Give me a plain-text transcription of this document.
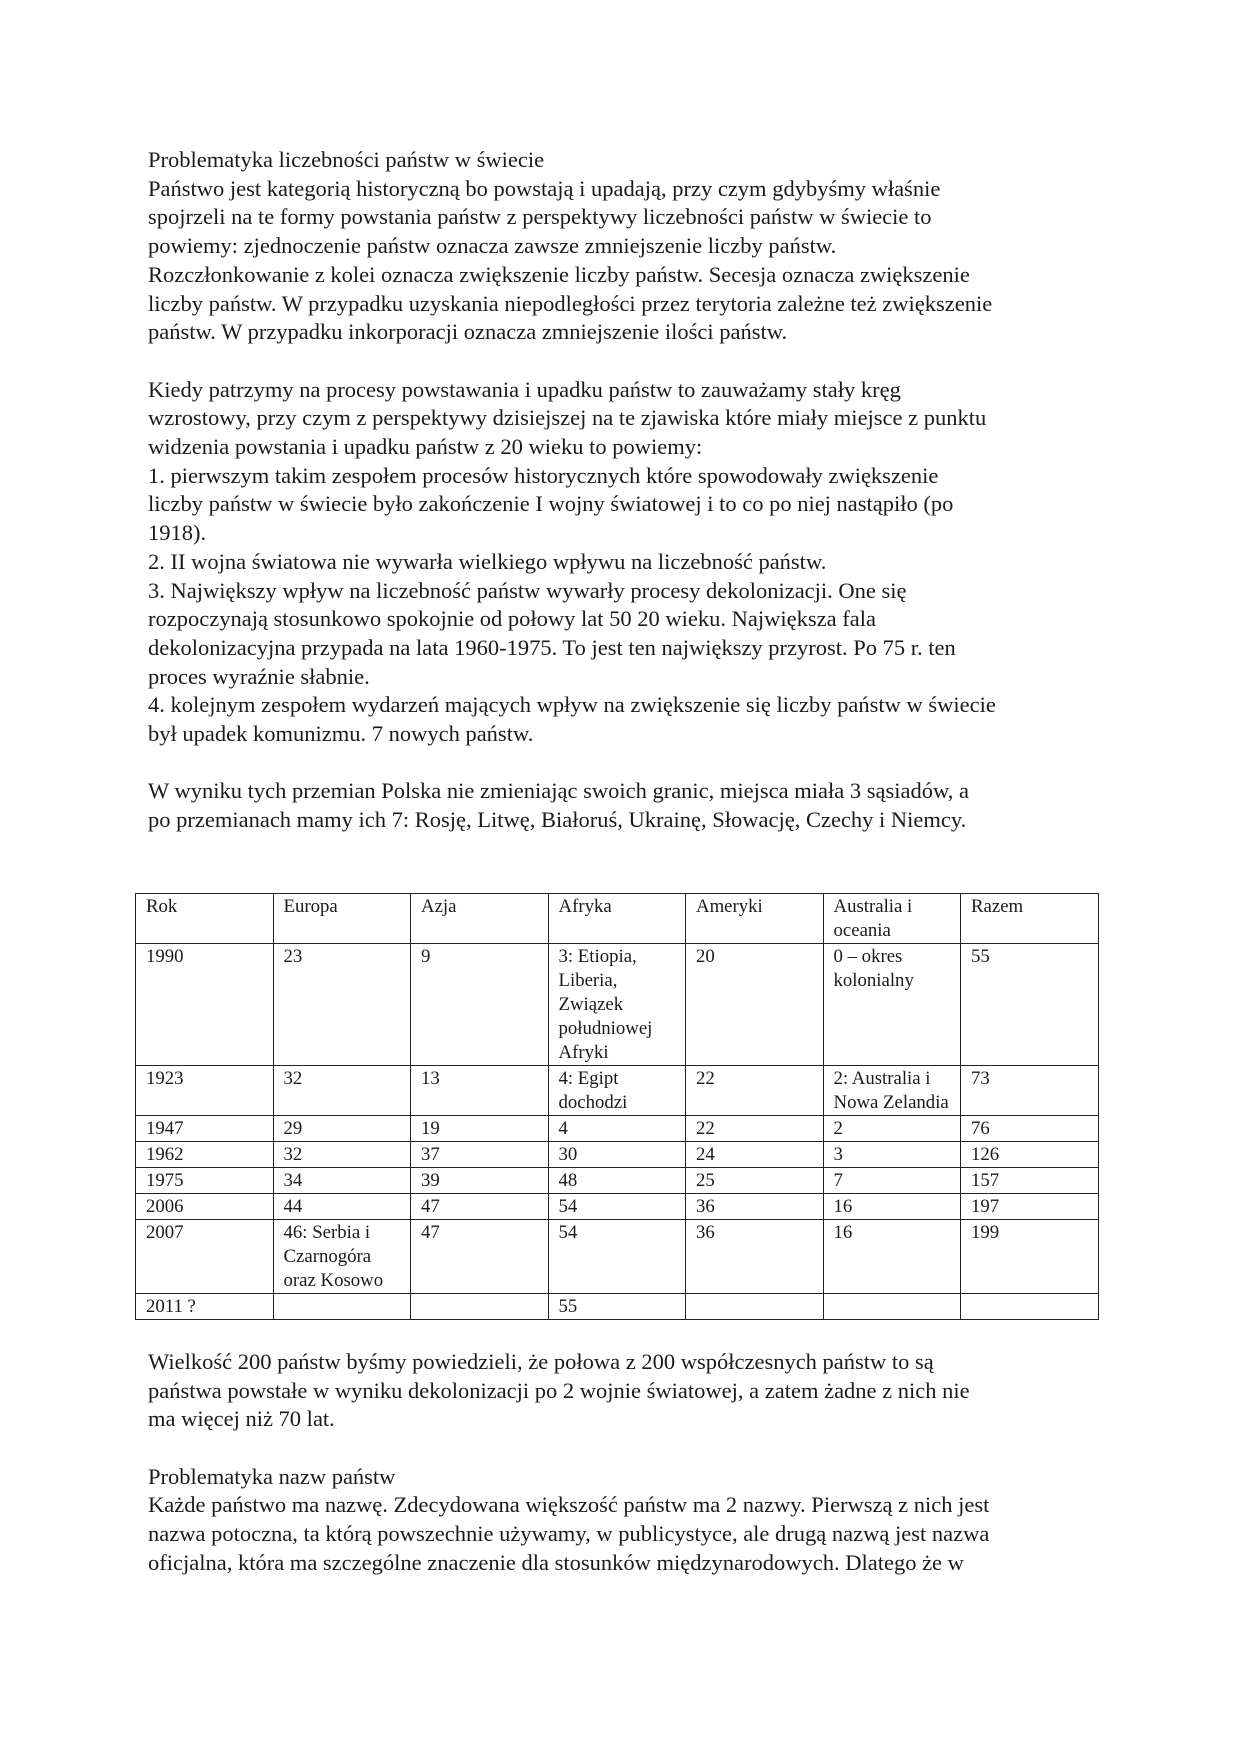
Problematyka liczebności państw w świecie

Państwo jest kategorią historyczną bo powstają i upadają, przy czym gdybyśmy właśnie

spojrzeli na te formy powstania państw z perspektywy liczebności państw w świecie to

powiemy: zjednoczenie państw oznacza zawsze zmniejszenie liczby państw.

Rozczłonkowanie z kolei oznacza zwiększenie liczby państw. Secesja oznacza zwiększenie

liczby państw. W przypadku uzyskania niepodległości przez terytoria zależne też zwiększenie

państw. W przypadku inkorporacji oznacza zmniejszenie ilości państw.

Kiedy patrzymy na procesy powstawania i upadku państw to zauważamy stały kręg

wzrostowy, przy czym z perspektywy dzisiejszej na te zjawiska które miały miejsce z punktu

widzenia powstania i upadku państw z 20 wieku to powiemy:

1. pierwszym takim zespołem procesów historycznych które spowodowały zwiększenie

liczby państw w świecie było zakończenie I wojny światowej i to co po niej nastąpiło (po

1918).

2. II wojna światowa nie wywarła wielkiego wpływu na liczebność państw.

3. Największy wpływ na liczebność państw wywarły procesy dekolonizacji. One się

rozpoczynają stosunkowo spokojnie od połowy lat 50 20 wieku. Największa fala

dekolonizacyjna przypada na lata 1960-1975. To jest ten największy przyrost. Po 75 r. ten

proces wyraźnie słabnie.

4. kolejnym zespołem wydarzeń mających wpływ na zwiększenie się liczby państw w świecie

był upadek komunizmu. 7 nowych państw.

W wyniku tych przemian Polska nie zmieniając swoich granic, miejsca miała 3 sąsiadów, a

po przemianach mamy ich 7: Rosję, Litwę, Białoruś, Ukrainę, Słowację, Czechy i Niemcy.

Rok	Europa	Azja	Afryka	Ameryki	Australia i oceania	Razem
1990	23	9	3: Etiopia, Liberia, Związek południowej Afryki	20	0 – okres kolonialny	55
1923	32	13	4: Egipt dochodzi	22	2: Australia i Nowa Zelandia	73
1947	29	19	4	22	2	76
1962	32	37	30	24	3	126
1975	34	39	48	25	7	157
2006	44	47	54	36	16	197
2007	46: Serbia i Czarnogóra oraz Kosowo	47	54	36	16	199
2011 ?			55			

Wielkość 200 państw byśmy powiedzieli, że połowa z 200 współczesnych państw to są

państwa powstałe w wyniku dekolonizacji po 2 wojnie światowej, a zatem żadne z nich nie

ma więcej niż 70 lat.

Problematyka nazw państw

Każde państwo ma nazwę. Zdecydowana większość państw ma 2 nazwy. Pierwszą z nich jest

nazwa potoczna, ta którą powszechnie używamy, w publicystyce, ale drugą nazwą jest nazwa

oficjalna, która ma szczególne znaczenie dla stosunków międzynarodowych. Dlatego że w
